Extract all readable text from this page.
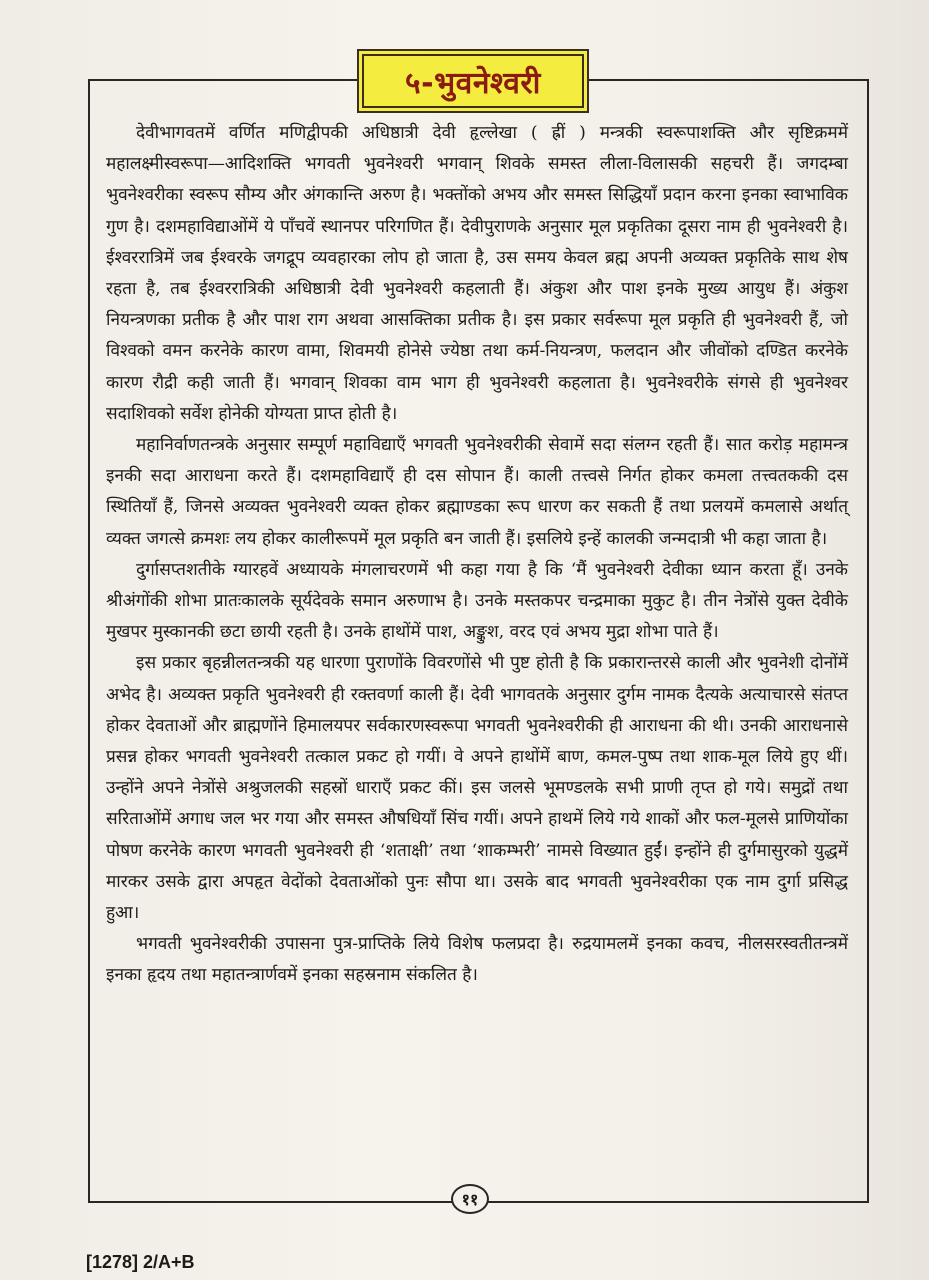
५-भुवनेश्वरी

देवीभागवतमें वर्णित मणिद्वीपकी अधिष्ठात्री देवी हृल्लेखा ( ह्रीं ) मन्त्रकी स्वरूपाशक्ति और सृष्टिक्रममें महालक्ष्मीस्वरूपा—आदिशक्ति भगवती भुवनेश्वरी भगवान् शिवके समस्त लीला-विलासकी सहचरी हैं। जगदम्बा भुवनेश्वरीका स्वरूप सौम्य और अंगकान्ति अरुण है। भक्तोंको अभय और समस्त सिद्धियाँ प्रदान करना इनका स्वाभाविक गुण है। दशमहाविद्याओंमें ये पाँचवें स्थानपर परिगणित हैं। देवीपुराणके अनुसार मूल प्रकृतिका दूसरा नाम ही भुवनेश्वरी है। ईश्वररात्रिमें जब ईश्वरके जगद्रूप व्यवहारका लोप हो जाता है, उस समय केवल ब्रह्म अपनी अव्यक्त प्रकृतिके साथ शेष रहता है, तब ईश्वररात्रिकी अधिष्ठात्री देवी भुवनेश्वरी कहलाती हैं। अंकुश और पाश इनके मुख्य आयुध हैं। अंकुश नियन्त्रणका प्रतीक है और पाश राग अथवा आसक्तिका प्रतीक है। इस प्रकार सर्वरूपा मूल प्रकृति ही भुवनेश्वरी हैं, जो विश्वको वमन करनेके कारण वामा, शिवमयी होनेसे ज्येष्ठा तथा कर्म-नियन्त्रण, फलदान और जीवोंको दण्डित करनेके कारण रौद्री कही जाती हैं। भगवान् शिवका वाम भाग ही भुवनेश्वरी कहलाता है। भुवनेश्वरीके संगसे ही भुवनेश्वर सदाशिवको सर्वेश होनेकी योग्यता प्राप्त होती है।

महानिर्वाणतन्त्रके अनुसार सम्पूर्ण महाविद्याएँ भगवती भुवनेश्वरीकी सेवामें सदा संलग्न रहती हैं। सात करोड़ महामन्त्र इनकी सदा आराधना करते हैं। दशमहाविद्याएँ ही दस सोपान हैं। काली तत्त्वसे निर्गत होकर कमला तत्त्वतककी दस स्थितियाँ हैं, जिनसे अव्यक्त भुवनेश्वरी व्यक्त होकर ब्रह्माण्डका रूप धारण कर सकती हैं तथा प्रलयमें कमलासे अर्थात् व्यक्त जगत्से क्रमशः लय होकर कालीरूपमें मूल प्रकृति बन जाती हैं। इसलिये इन्हें कालकी जन्मदात्री भी कहा जाता है।

दुर्गासप्तशतीके ग्यारहवें अध्यायके मंगलाचरणमें भी कहा गया है कि ‘मैं भुवनेश्वरी देवीका ध्यान करता हूँ। उनके श्रीअंगोंकी शोभा प्रातःकालके सूर्यदेवके समान अरुणाभ है। उनके मस्तकपर चन्द्रमाका मुकुट है। तीन नेत्रोंसे युक्त देवीके मुखपर मुस्कानकी छटा छायी रहती है। उनके हाथोंमें पाश, अङ्कुश, वरद एवं अभय मुद्रा शोभा पाते हैं।

इस प्रकार बृहन्नीलतन्त्रकी यह धारणा पुराणोंके विवरणोंसे भी पुष्ट होती है कि प्रकारान्तरसे काली और भुवनेशी दोनोंमें अभेद है। अव्यक्त प्रकृति भुवनेश्वरी ही रक्तवर्णा काली हैं। देवी भागवतके अनुसार दुर्गम नामक दैत्यके अत्याचारसे संतप्त होकर देवताओं और ब्राह्मणोंने हिमालयपर सर्वकारणस्वरूपा भगवती भुवनेश्वरीकी ही आराधना की थी। उनकी आराधनासे प्रसन्न होकर भगवती भुवनेश्वरी तत्काल प्रकट हो गयीं। वे अपने हाथोंमें बाण, कमल-पुष्प तथा शाक-मूल लिये हुए थीं। उन्होंने अपने नेत्रोंसे अश्रुजलकी सहस्रों धाराएँ प्रकट कीं। इस जलसे भूमण्डलके सभी प्राणी तृप्त हो गये। समुद्रों तथा सरिताओंमें अगाध जल भर गया और समस्त औषधियाँ सिंच गयीं। अपने हाथमें लिये गये शाकों और फल-मूलसे प्राणियोंका पोषण करनेके कारण भगवती भुवनेश्वरी ही ‘शताक्षी’ तथा ‘शाकम्भरी’ नामसे विख्यात हुईं। इन्होंने ही दुर्गमासुरको युद्धमें मारकर उसके द्वारा अपहृत वेदोंको देवताओंको पुनः सौपा था। उसके बाद भगवती भुवनेश्वरीका एक नाम दुर्गा प्रसिद्ध हुआ।

भगवती भुवनेश्वरीकी उपासना पुत्र-प्राप्तिके लिये विशेष फलप्रदा है। रुद्रयामलमें इनका कवच, नीलसरस्वतीतन्त्रमें इनका हृदय तथा महातन्त्रार्णवमें इनका सहस्रनाम संकलित है।

११
[1278] 2/A+B
